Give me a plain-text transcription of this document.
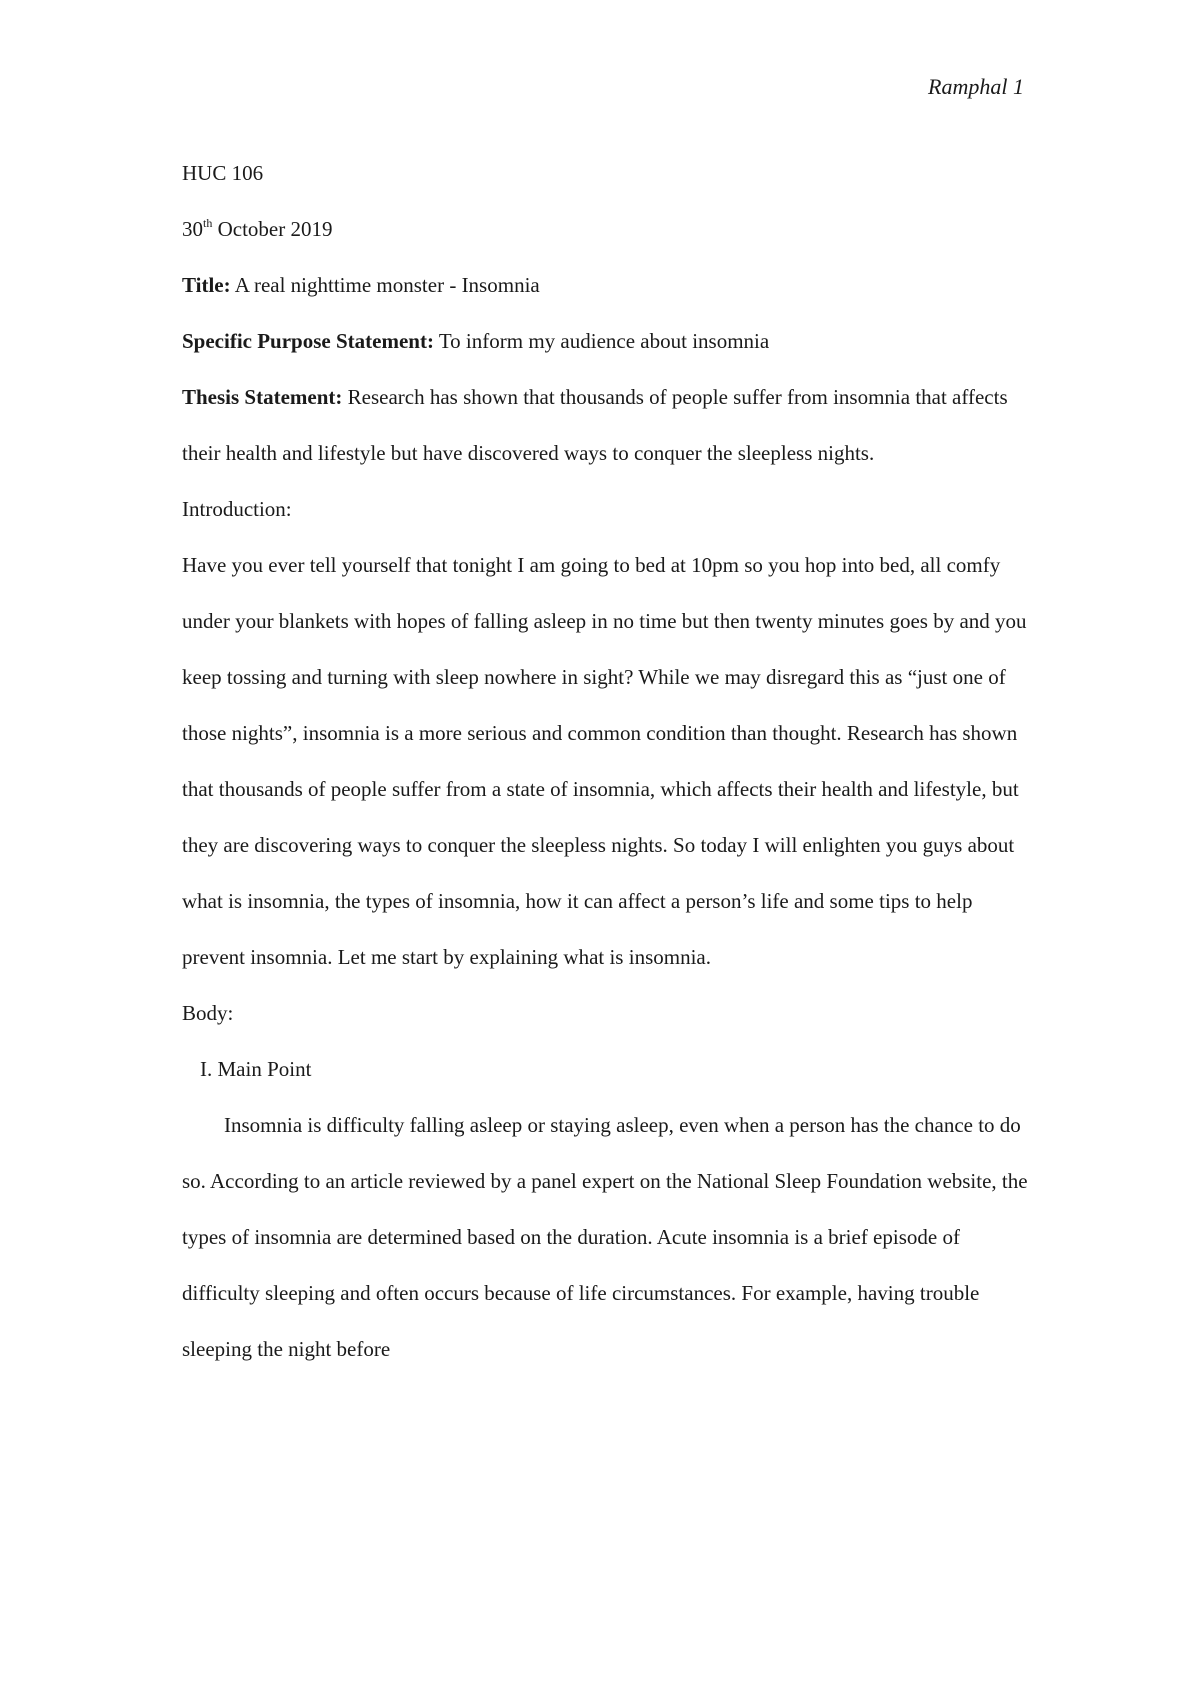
Ramphal 1

HUC 106

30th October 2019

Title: A real nighttime monster - Insomnia

Specific Purpose Statement: To inform my audience about insomnia

Thesis Statement: Research has shown that thousands of people suffer from insomnia that affects their health and lifestyle but have discovered ways to conquer the sleepless nights.

Introduction:

Have you ever tell yourself that tonight I am going to bed at 10pm so you hop into bed, all comfy under your blankets with hopes of falling asleep in no time but then twenty minutes goes by and you keep tossing and turning with sleep nowhere in sight? While we may disregard this as “just one of those nights”, insomnia is a more serious and common condition than thought. Research has shown that thousands of people suffer from a state of insomnia, which affects their health and lifestyle, but they are discovering ways to conquer the sleepless nights. So today I will enlighten you guys about what is insomnia, the types of insomnia, how it can affect a person’s life and some tips to help prevent insomnia. Let me start by explaining what is insomnia.

Body:

I. Main Point

Insomnia is difficulty falling asleep or staying asleep, even when a person has the chance to do so. According to an article reviewed by a panel expert on the National Sleep Foundation website, the types of insomnia are determined based on the duration. Acute insomnia is a brief episode of difficulty sleeping and often occurs because of life circumstances. For example, having trouble sleeping the night before
